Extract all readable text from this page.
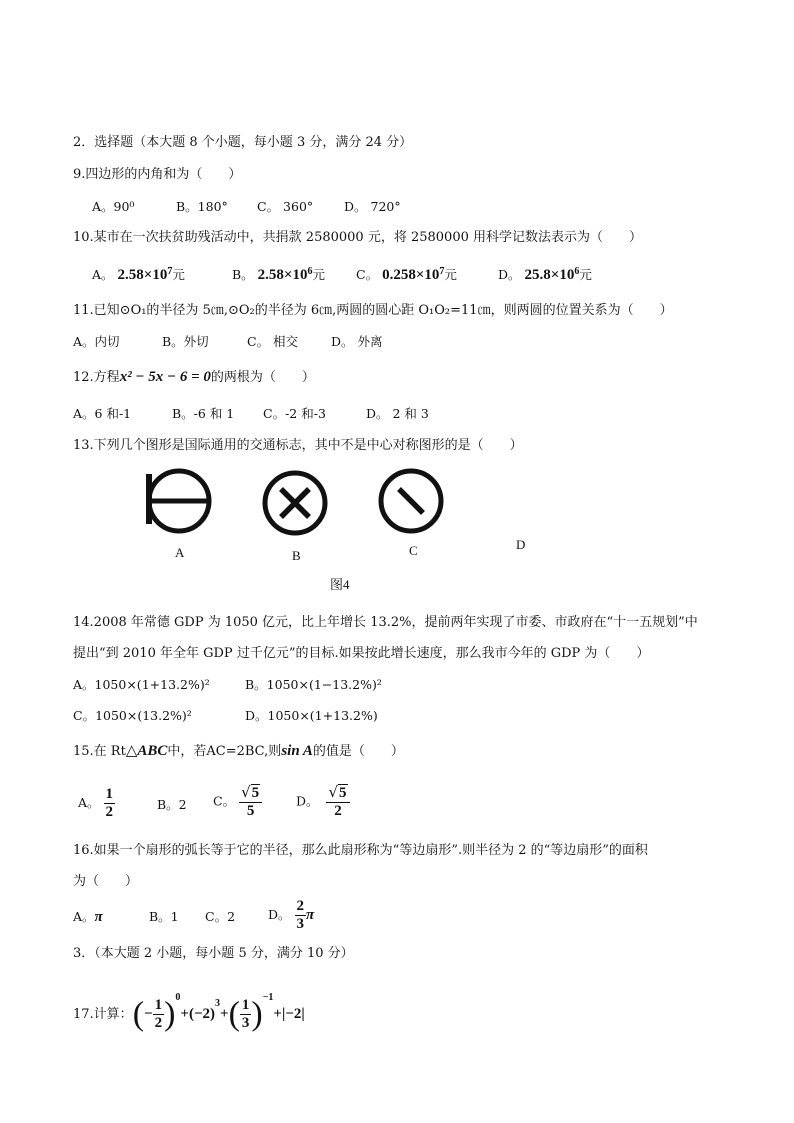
2．选择题（本大题 8 个小题，每小题 3 分，满分 24 分）
9.四边形的内角和为（　　）
A。90⁰	B。180° C。 360° D。 720°
10.某市在一次扶贫助残活动中，共捐款 2580000 元，将 2580000 用科学记数法表示为（　　）
A。 $2.58\times 10^7$元	B。 $2.58\times 10^6$元 C。 $0.258\times 10^7$元	D。 $25.8\times 10^6$元
11.已知⊙O₁的半径为 5㎝,⊙O₂的半径为 6㎝,两圆的圆心距 O₁O₂=11㎝，则两圆的位置关系为（　　）
A。内切	B。外切	C。 相交	D。 外离
12.方程x² − 5x − 6 = 0的两根为（　　）
A。6 和-1	B。-6 和 1 C。-2 和-3	D。 2 和 3
13.下列几个图形是国际通用的交通标志，其中不是中心对称图形的是（　　）
A	B	C	D
图4
14.2008 年常德 GDP 为 1050 亿元，比上年增长 13.2%，提前两年实现了市委、市政府在“十一五规划”中
提出“到 2010 年全年 GDP 过千亿元”的目标.如果按此增长速度，那么我市今年的 GDP 为（　　）
A。1050×(1+13.2%)²	B。1050×(1−13.2%)²
C。1050×(13.2%)²	D。1050×(1+13.2%)
15.在 Rt△ABC中，若AC=2BC,则sin A的值是（　　）
A。 $\frac{1}{2}$	B。2 C。 $\frac{√5}{5}$	D。 $\frac{√5}{2}$
16.如果一个扇形的弧长等于它的半径，那么此扇形称为“等边扇形”.则半径为 2 的“等边扇形”的面积
为（　　）
A。π	B。1 C。2	D。 $\frac{2}{3}$ π
3．（本大题 2 小题，每小题 5 分，满分 10 分）
17.计算：(− $\frac{1}{2} )^0+(-2)^3+( \frac{1}{3} )^{-1}+|-2|$
